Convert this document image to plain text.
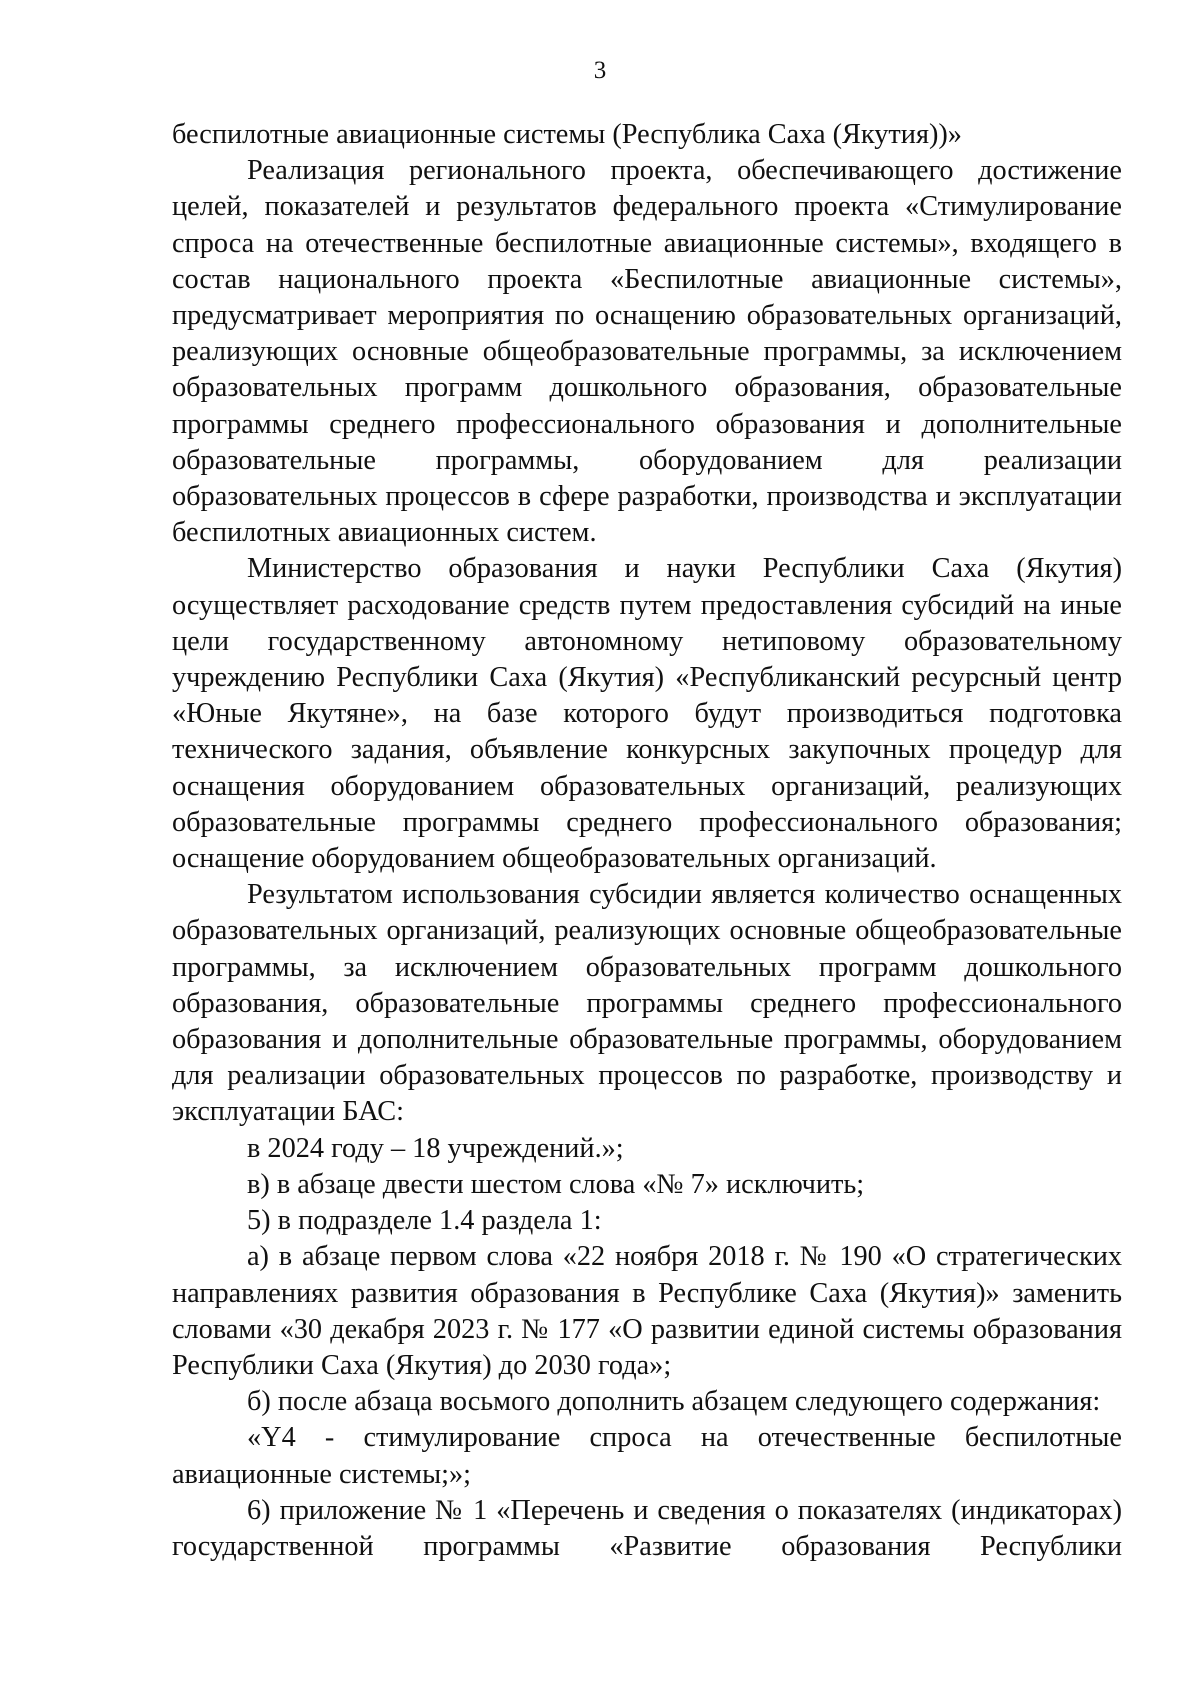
3

беспилотные авиационные системы (Республика Саха (Якутия))»

Реализация регионального проекта, обеспечивающего достижение целей, показателей и результатов федерального проекта «Стимулирование спроса на отечественные беспилотные авиационные системы», входящего в состав национального проекта «Беспилотные авиационные системы», предусматривает мероприятия по оснащению образовательных организаций, реализующих основные общеобразовательные программы, за исключением образовательных программ дошкольного образования, образовательные программы среднего профессионального образования и дополнительные образовательные программы, оборудованием для реализации образовательных процессов в сфере разработки, производства и эксплуатации беспилотных авиационных систем.

Министерство образования и науки Республики Саха (Якутия) осуществляет расходование средств путем предоставления субсидий на иные цели государственному автономному нетиповому образовательному учреждению Республики Саха (Якутия) «Республиканский ресурсный центр «Юные Якутяне», на базе которого будут производиться подготовка технического задания, объявление конкурсных закупочных процедур для оснащения оборудованием образовательных организаций, реализующих образовательные программы среднего профессионального образования; оснащение оборудованием общеобразовательных организаций.

Результатом использования субсидии является количество оснащенных образовательных организаций, реализующих основные общеобразовательные программы, за исключением образовательных программ дошкольного образования, образовательные программы среднего профессионального образования и дополнительные образовательные программы, оборудованием для реализации образовательных процессов по разработке, производству и эксплуатации БАС:

в 2024 году – 18 учреждений.»;

в) в абзаце двести шестом слова «№ 7» исключить;

5) в подразделе 1.4 раздела 1:

а) в абзаце первом слова «22 ноября 2018 г. № 190 «О стратегических направлениях развития образования в Республике Саха (Якутия)» заменить словами «30 декабря 2023 г. № 177 «О развитии единой системы образования Республики Саха (Якутия) до 2030 года»;

б) после абзаца восьмого дополнить абзацем следующего содержания:

«Y4 - стимулирование спроса на отечественные беспилотные авиационные системы;»;

6) приложение № 1 «Перечень и сведения о показателях (индикаторах) государственной программы «Развитие образования Республики
